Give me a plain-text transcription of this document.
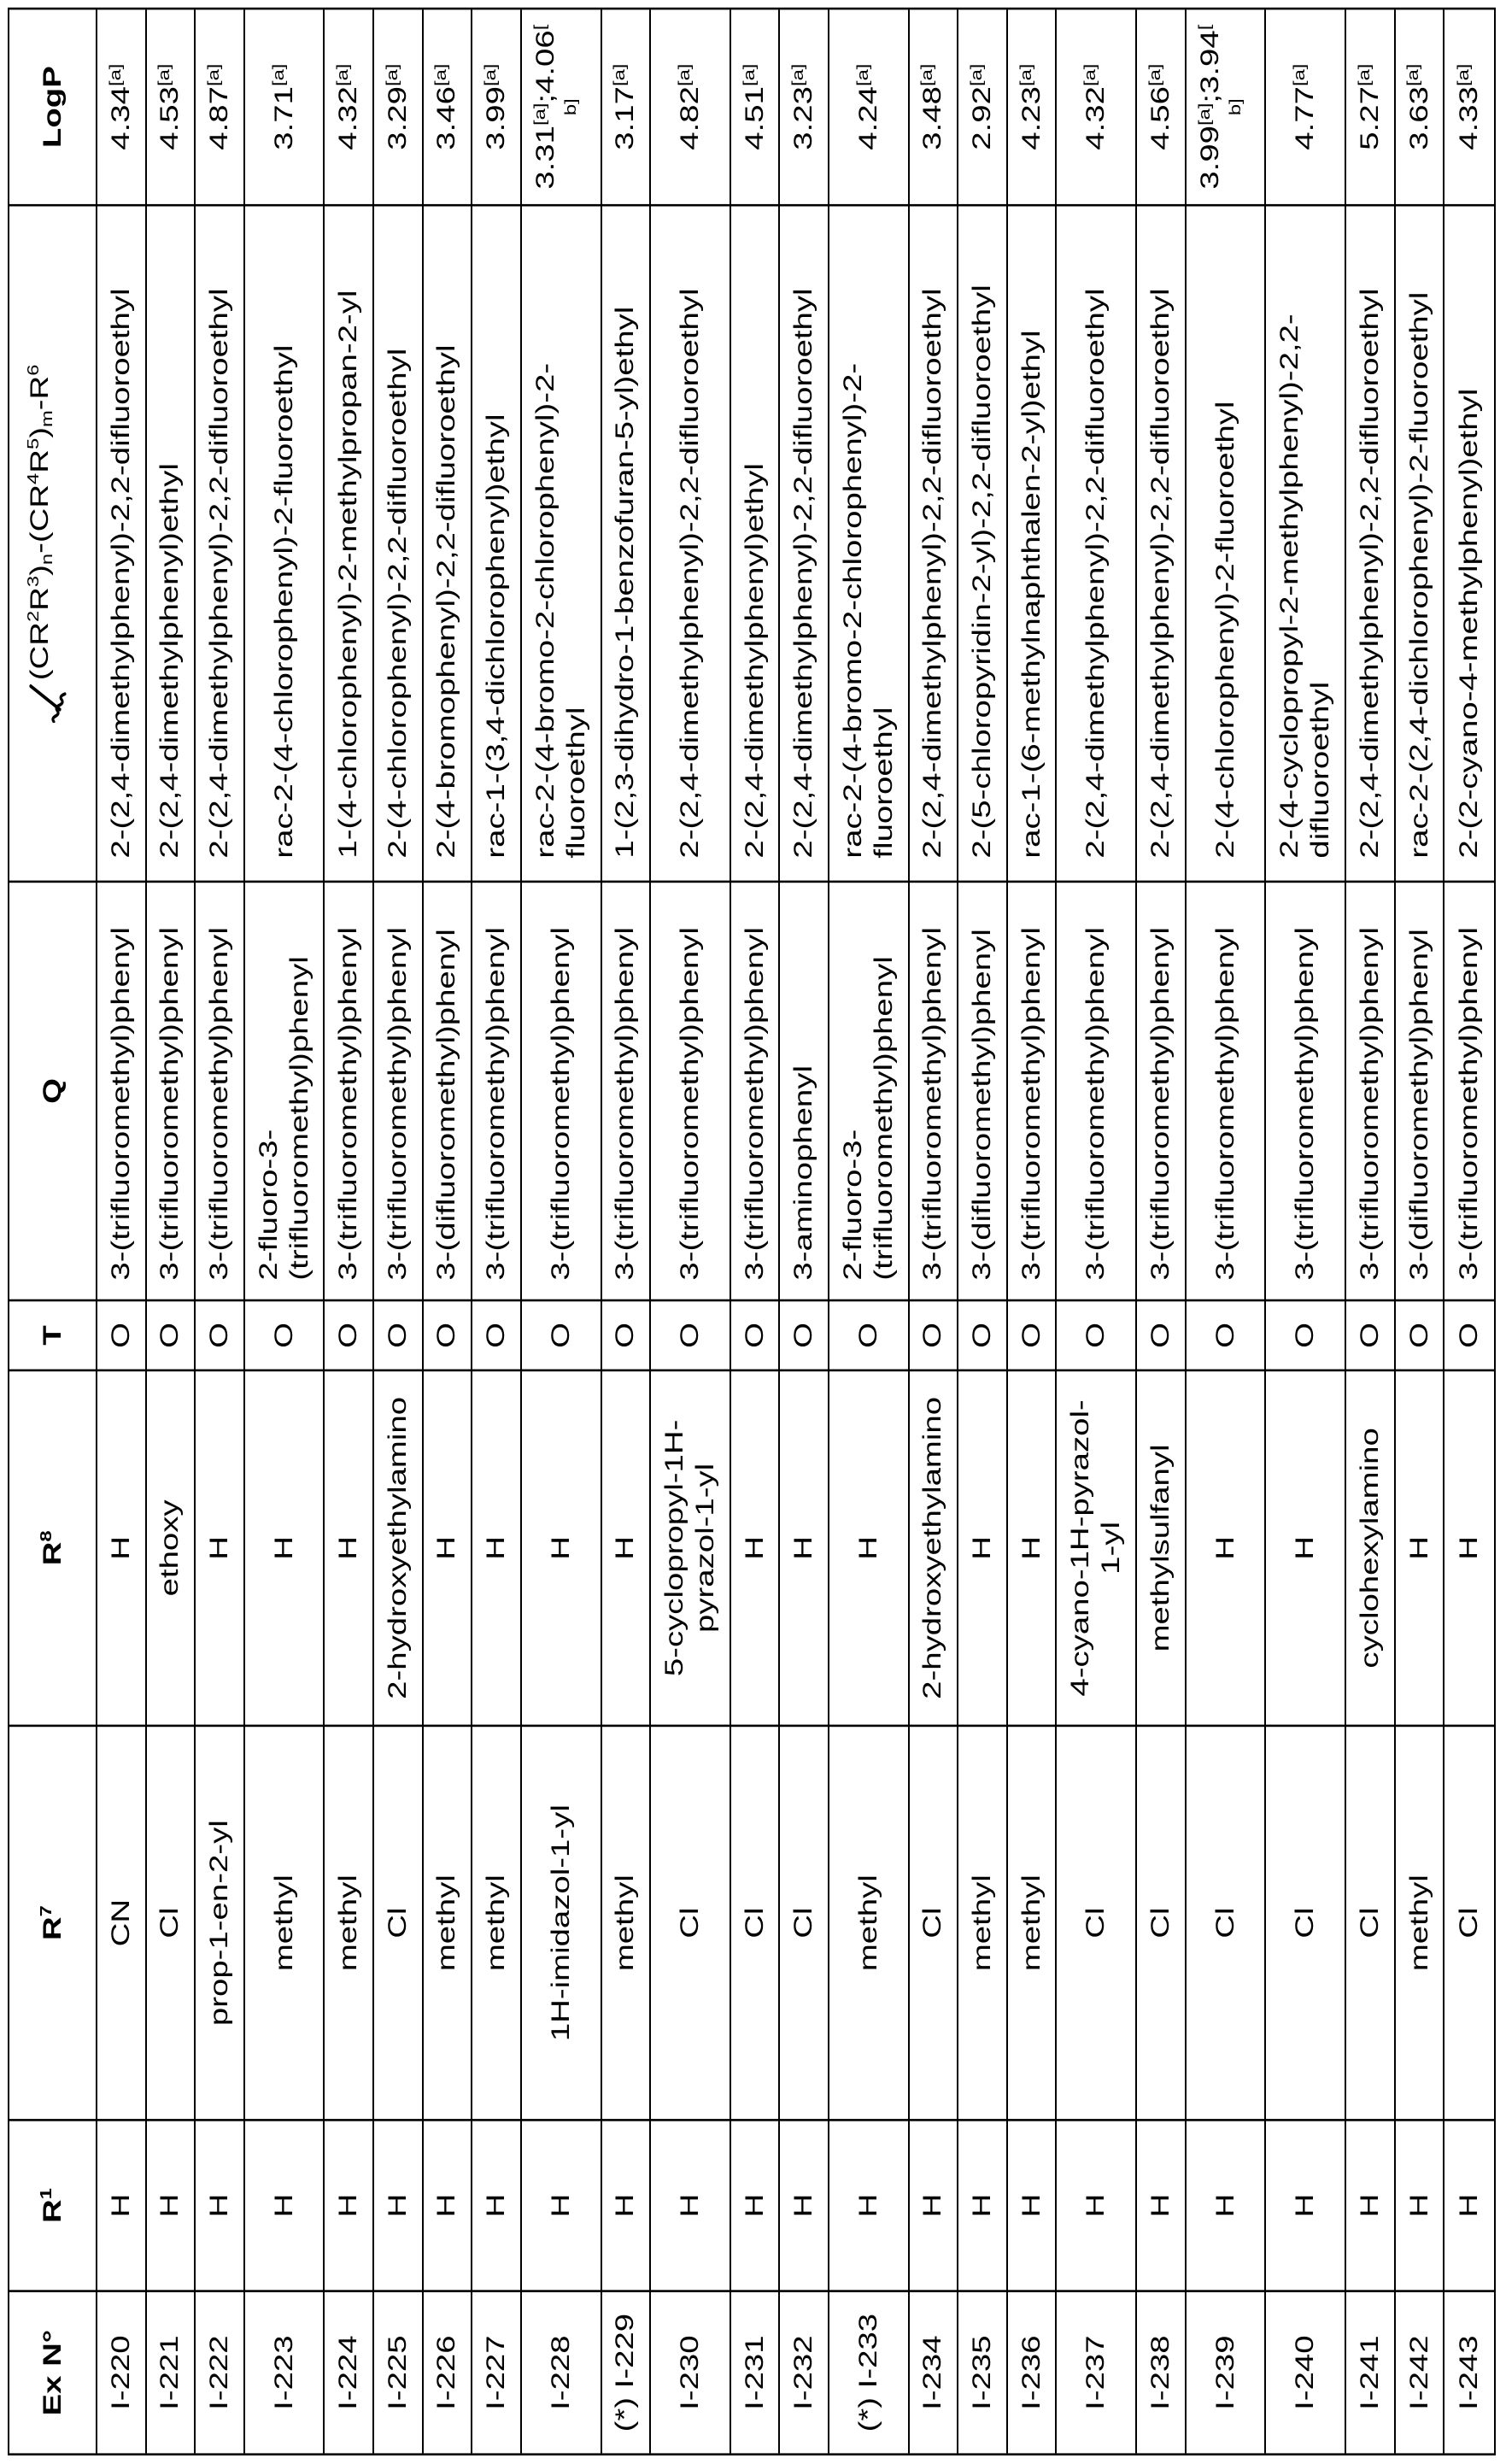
Ex N°
$R^1$
$R^7$
$R^8$
T
Q
$(CR^2R^3)_n-(CR^4R^5)_m-R^6$
LogP
I-220
H
CN
H
O
3-(trifluoromethyl)phenyl
2-(2,4-dimethylphenyl)-2,2-difluoroethyl
4.34[a]
I-221
H
Cl
ethoxy
O
3-(trifluoromethyl)phenyl
2-(2,4-dimethylphenyl)ethyl
4.53[a]
I-222
H
prop-1-en-2-yl
H
O
3-(trifluoromethyl)phenyl
2-(2,4-dimethylphenyl)-2,2-difluoroethyl
4.87[a]
I-223
H
methyl
H
O
2-fluoro-3-
(trifluoromethyl)phenyl
rac-2-(4-chlorophenyl)-2-fluoroethyl
3.71[a]
I-224
H
methyl
H
O
3-(trifluoromethyl)phenyl
1-(4-chlorophenyl)-2-methylpropan-2-yl
4.32[a]
I-225
H
Cl
2-hydroxyethylamino
O
3-(trifluoromethyl)phenyl
2-(4-chlorophenyl)-2,2-difluoroethyl
3.29[a]
I-226
H
methyl
H
O
3-(difluoromethyl)phenyl
2-(4-bromophenyl)-2,2-difluoroethyl
3.46[a]
I-227
H
methyl
H
O
3-(trifluoromethyl)phenyl
rac-1-(3,4-dichlorophenyl)ethyl
3.99[a]
I-228
H
1H-imidazol-1-yl
H
O
3-(trifluoromethyl)phenyl
rac-2-(4-bromo-2-chlorophenyl)-2-
fluoroethyl
3.31[a];4.06[
b]
(*) I-229
H
methyl
H
O
3-(trifluoromethyl)phenyl
1-(2,3-dihydro-1-benzofuran-5-yl)ethyl
3.17[a]
I-230
H
Cl
5-cyclopropyl-1H-
pyrazol-1-yl
O
3-(trifluoromethyl)phenyl
2-(2,4-dimethylphenyl)-2,2-difluoroethyl
4.82[a]
I-231
H
Cl
H
O
3-(trifluoromethyl)phenyl
2-(2,4-dimethylphenyl)ethyl
4.51[a]
I-232
H
Cl
H
O
3-aminophenyl
2-(2,4-dimethylphenyl)-2,2-difluoroethyl
3.23[a]
(*) I-233
H
methyl
H
O
2-fluoro-3-
(trifluoromethyl)phenyl
rac-2-(4-bromo-2-chlorophenyl)-2-
fluoroethyl
4.24[a]
I-234
H
Cl
2-hydroxyethylamino
O
3-(trifluoromethyl)phenyl
2-(2,4-dimethylphenyl)-2,2-difluoroethyl
3.48[a]
I-235
H
methyl
H
O
3-(difluoromethyl)phenyl
2-(5-chloropyridin-2-yl)-2,2-difluoroethyl
2.92[a]
I-236
H
methyl
H
O
3-(trifluoromethyl)phenyl
rac-1-(6-methylnaphthalen-2-yl)ethyl
4.23[a]
I-237
H
Cl
4-cyano-1H-pyrazol-
1-yl
O
3-(trifluoromethyl)phenyl
2-(2,4-dimethylphenyl)-2,2-difluoroethyl
4.32[a]
I-238
H
Cl
methylsulfanyl
O
3-(trifluoromethyl)phenyl
2-(2,4-dimethylphenyl)-2,2-difluoroethyl
4.56[a]
I-239
H
Cl
H
O
3-(trifluoromethyl)phenyl
2-(4-chlorophenyl)-2-fluoroethyl
3.99[a];3.94[
b]
I-240
H
Cl
H
O
3-(trifluoromethyl)phenyl
2-(4-cyclopropyl-2-methylphenyl)-2,2-
difluoroethyl
4.77[a]
I-241
H
Cl
cyclohexylamino
O
3-(trifluoromethyl)phenyl
2-(2,4-dimethylphenyl)-2,2-difluoroethyl
5.27[a]
I-242
H
methyl
H
O
3-(difluoromethyl)phenyl
rac-2-(2,4-dichlorophenyl)-2-fluoroethyl
3.63[a]
I-243
H
Cl
H
O
3-(trifluoromethyl)phenyl
2-(2-cyano-4-methylphenyl)ethyl
4.33[a]
